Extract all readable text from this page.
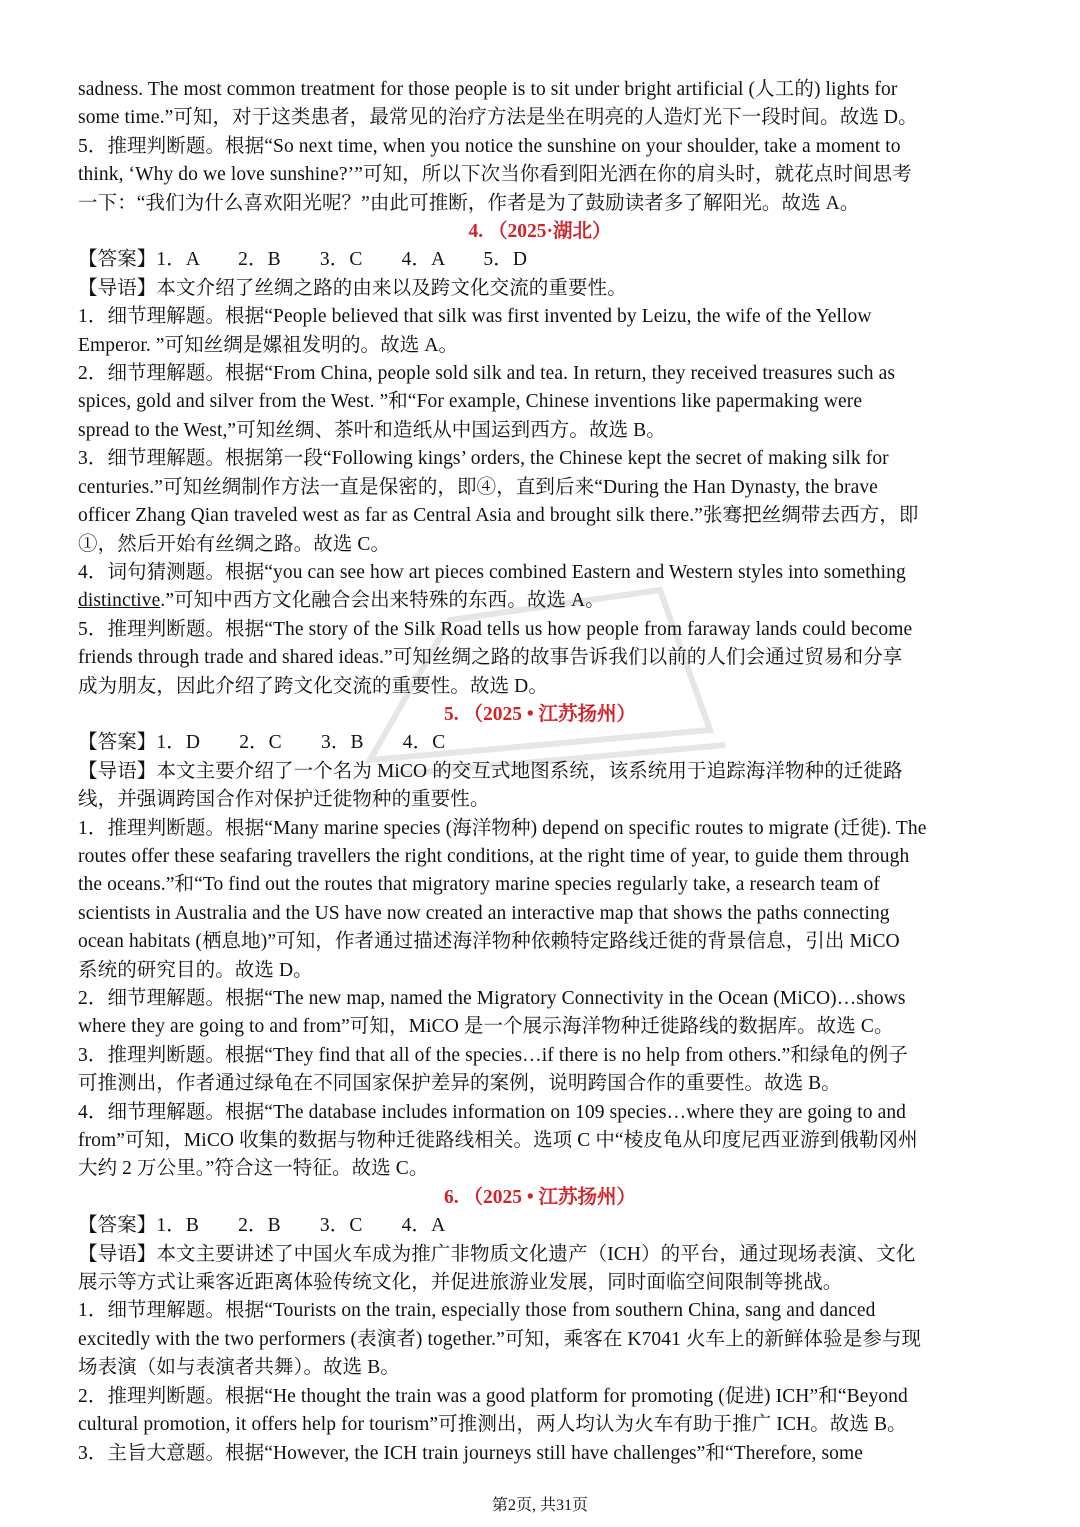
sadness. The most common treatment for those people is to sit under bright artificial (人工的) lights for
some time.”可知，对于这类患者，最常见的治疗方法是坐在明亮的人造灯光下一段时间。故选 D。
5．推理判断题。根据“So next time, when you notice the sunshine on your shoulder, take a moment to
think, ‘Why do we love sunshine?’”可知，所以下次当你看到阳光洒在你的肩头时，就花点时间思考
一下：“我们为什么喜欢阳光呢？”由此可推断，作者是为了鼓励读者多了解阳光。故选 A。
4. （2025·湖北）
【答案】1．A　　2．B　　3．C　　4．A　　5．D
【导语】本文介绍了丝绸之路的由来以及跨文化交流的重要性。
1．细节理解题。根据“People believed that silk was first invented by Leizu, the wife of the Yellow
Emperor. ”可知丝绸是嫘祖发明的。故选 A。
2．细节理解题。根据“From China, people sold silk and tea. In return, they received treasures such as
spices, gold and silver from the West. ”和“For example, Chinese inventions like papermaking were
spread to the West,”可知丝绸、茶叶和造纸从中国运到西方。故选 B。
3．细节理解题。根据第一段“Following kings’ orders, the Chinese kept the secret of making silk for
centuries.”可知丝绸制作方法一直是保密的，即④，直到后来“During the Han Dynasty, the brave
officer Zhang Qian traveled west as far as Central Asia and brought silk there.”张骞把丝绸带去西方，即
①，然后开始有丝绸之路。故选 C。
4．词句猜测题。根据“you can see how art pieces combined Eastern and Western styles into something
distinctive.”可知中西方文化融合会出来特殊的东西。故选 A。
5．推理判断题。根据“The story of the Silk Road tells us how people from faraway lands could become
friends through trade and shared ideas.”可知丝绸之路的故事告诉我们以前的人们会通过贸易和分享
成为朋友，因此介绍了跨文化交流的重要性。故选 D。
5. （2025 • 江苏扬州）
【答案】1．D　　2．C　　3．B　　4．C
【导语】本文主要介绍了一个名为 MiCO 的交互式地图系统，该系统用于追踪海洋物种的迁徙路
线，并强调跨国合作对保护迁徙物种的重要性。
1．推理判断题。根据“Many marine species (海洋物种) depend on specific routes to migrate (迁徙). The
routes offer these seafaring travellers the right conditions, at the right time of year, to guide them through
the oceans.”和“To find out the routes that migratory marine species regularly take, a research team of
scientists in Australia and the US have now created an interactive map that shows the paths connecting
ocean habitats (栖息地)”可知，作者通过描述海洋物种依赖特定路线迁徙的背景信息，引出 MiCO
系统的研究目的。故选 D。
2．细节理解题。根据“The new map, named the Migratory Connectivity in the Ocean (MiCO)…shows
where they are going to and from”可知，MiCO 是一个展示海洋物种迁徙路线的数据库。故选 C。
3．推理判断题。根据“They find that all of the species…if there is no help from others.”和绿龟的例子
可推测出，作者通过绿龟在不同国家保护差异的案例，说明跨国合作的重要性。故选 B。
4．细节理解题。根据“The database includes information on 109 species…where they are going to and
from”可知，MiCO 收集的数据与物种迁徙路线相关。选项 C 中“棱皮龟从印度尼西亚游到俄勒冈州
大约 2 万公里。”符合这一特征。故选 C。
6. （2025 • 江苏扬州）
【答案】1．B　　2．B　　3．C　　4．A
【导语】本文主要讲述了中国火车成为推广非物质文化遗产（ICH）的平台，通过现场表演、文化
展示等方式让乘客近距离体验传统文化，并促进旅游业发展，同时面临空间限制等挑战。
1．细节理解题。根据“Tourists on the train, especially those from southern China, sang and danced
excitedly with the two performers (表演者) together.”可知，乘客在 K7041 火车上的新鲜体验是参与现
场表演（如与表演者共舞）。故选 B。
2．推理判断题。根据“He thought the train was a good platform for promoting (促进) ICH”和“Beyond
cultural promotion, it offers help for tourism”可推测出，两人均认为火车有助于推广 ICH。故选 B。
3．主旨大意题。根据“However, the ICH train journeys still have challenges”和“Therefore, some
第2页, 共31页
